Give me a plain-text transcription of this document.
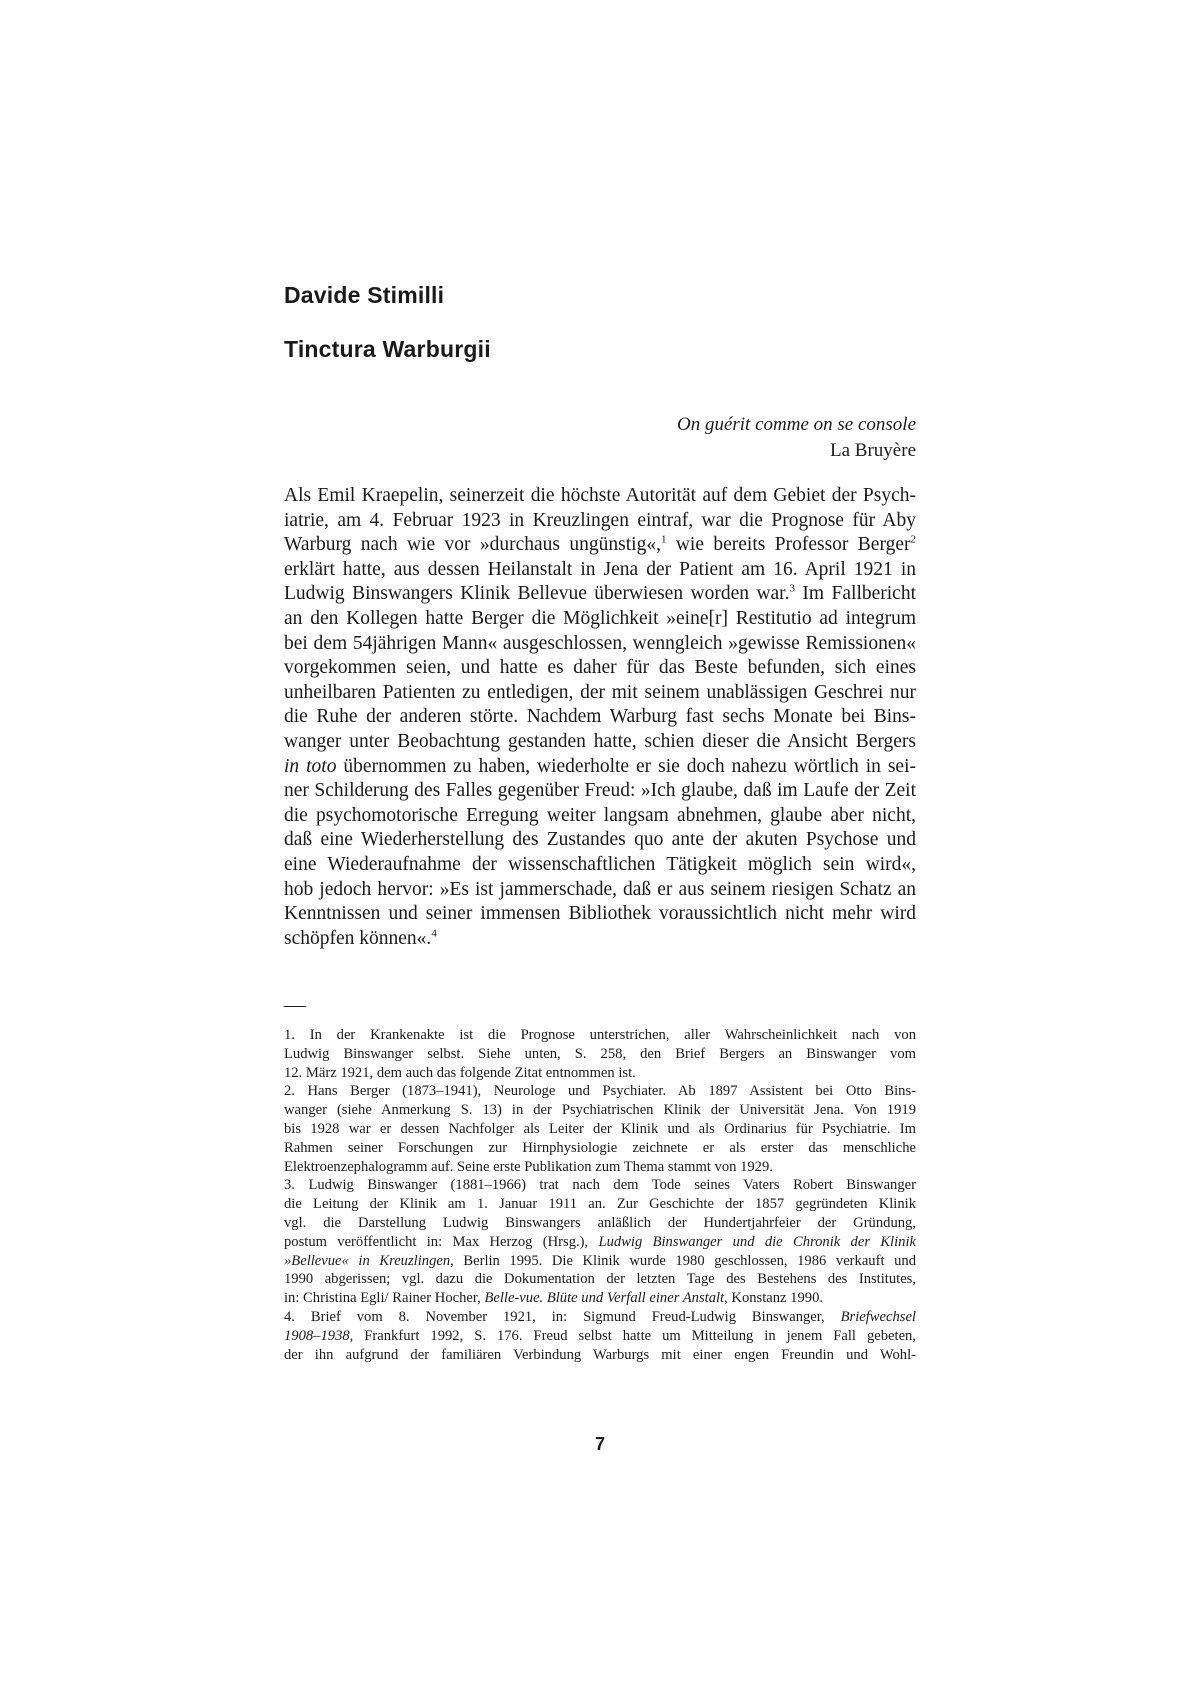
Davide Stimilli
Tinctura Warburgii
On guérit comme on se console
La Bruyère
Als Emil Kraepelin, seinerzeit die höchste Autorität auf dem Gebiet der Psych-
iatrie, am 4. Februar 1923 in Kreuzlingen eintraf, war die Prognose für Aby
Warburg nach wie vor »durchaus ungünstig«,$^1$ wie bereits Professor Berger$^2$
erklärt hatte, aus dessen Heilanstalt in Jena der Patient am 16. April 1921 in
Ludwig Binswangers Klinik Bellevue überwiesen worden war.$^3$ Im Fallbericht
an den Kollegen hatte Berger die Möglichkeit »eine[r] Restitutio ad integrum
bei dem 54jährigen Mann« ausgeschlossen, wenngleich »gewisse Remissionen«
vorgekommen seien, und hatte es daher für das Beste befunden, sich eines
unheilbaren Patienten zu entledigen, der mit seinem unablässigen Geschrei nur
die Ruhe der anderen störte. Nachdem Warburg fast sechs Monate bei Bins-
wanger unter Beobachtung gestanden hatte, schien dieser die Ansicht Bergers
in toto übernommen zu haben, wiederholte er sie doch nahezu wörtlich in sei-
ner Schilderung des Falles gegenüber Freud: »Ich glaube, daß im Laufe der Zeit
die psychomotorische Erregung weiter langsam abnehmen, glaube aber nicht,
daß eine Wiederherstellung des Zustandes quo ante der akuten Psychose und
eine Wiederaufnahme der wissenschaftlichen Tätigkeit möglich sein wird«,
hob jedoch hervor: »Es ist jammerschade, daß er aus seinem riesigen Schatz an
Kenntnissen und seiner immensen Bibliothek voraussichtlich nicht mehr wird
schöpfen können«.$^4$
1. In der Krankenakte ist die Prognose unterstrichen, aller Wahrscheinlichkeit nach von
Ludwig Binswanger selbst. Siehe unten, S. 258, den Brief Bergers an Binswanger vom
12. März 1921, dem auch das folgende Zitat entnommen ist.
2. Hans Berger (1873–1941), Neurologe und Psychiater. Ab 1897 Assistent bei Otto Bins-
wanger (siehe Anmerkung S. 13) in der Psychiatrischen Klinik der Universität Jena. Von 1919
bis 1928 war er dessen Nachfolger als Leiter der Klinik und als Ordinarius für Psychiatrie. Im
Rahmen seiner Forschungen zur Hirnphysiologie zeichnete er als erster das menschliche
Elektroenzephalogramm auf. Seine erste Publikation zum Thema stammt von 1929.
3. Ludwig Binswanger (1881–1966) trat nach dem Tode seines Vaters Robert Binswanger
die Leitung der Klinik am 1. Januar 1911 an. Zur Geschichte der 1857 gegründeten Klinik
vgl. die Darstellung Ludwig Binswangers anläßlich der Hundertjahrfeier der Gründung,
postum veröffentlicht in: Max Herzog (Hrsg.), Ludwig Binswanger und die Chronik der Klinik
»Bellevue« in Kreuzlingen, Berlin 1995. Die Klinik wurde 1980 geschlossen, 1986 verkauft und
1990 abgerissen; vgl. dazu die Dokumentation der letzten Tage des Bestehens des Institutes,
in: Christina Egli/ Rainer Hocher, Belle-vue. Blüte und Verfall einer Anstalt, Konstanz 1990.
4. Brief vom 8. November 1921, in: Sigmund Freud-Ludwig Binswanger, Briefwechsel
1908–1938, Frankfurt 1992, S. 176. Freud selbst hatte um Mitteilung in jenem Fall gebeten,
der ihn aufgrund der familiären Verbindung Warburgs mit einer engen Freundin und Wohl-
7
